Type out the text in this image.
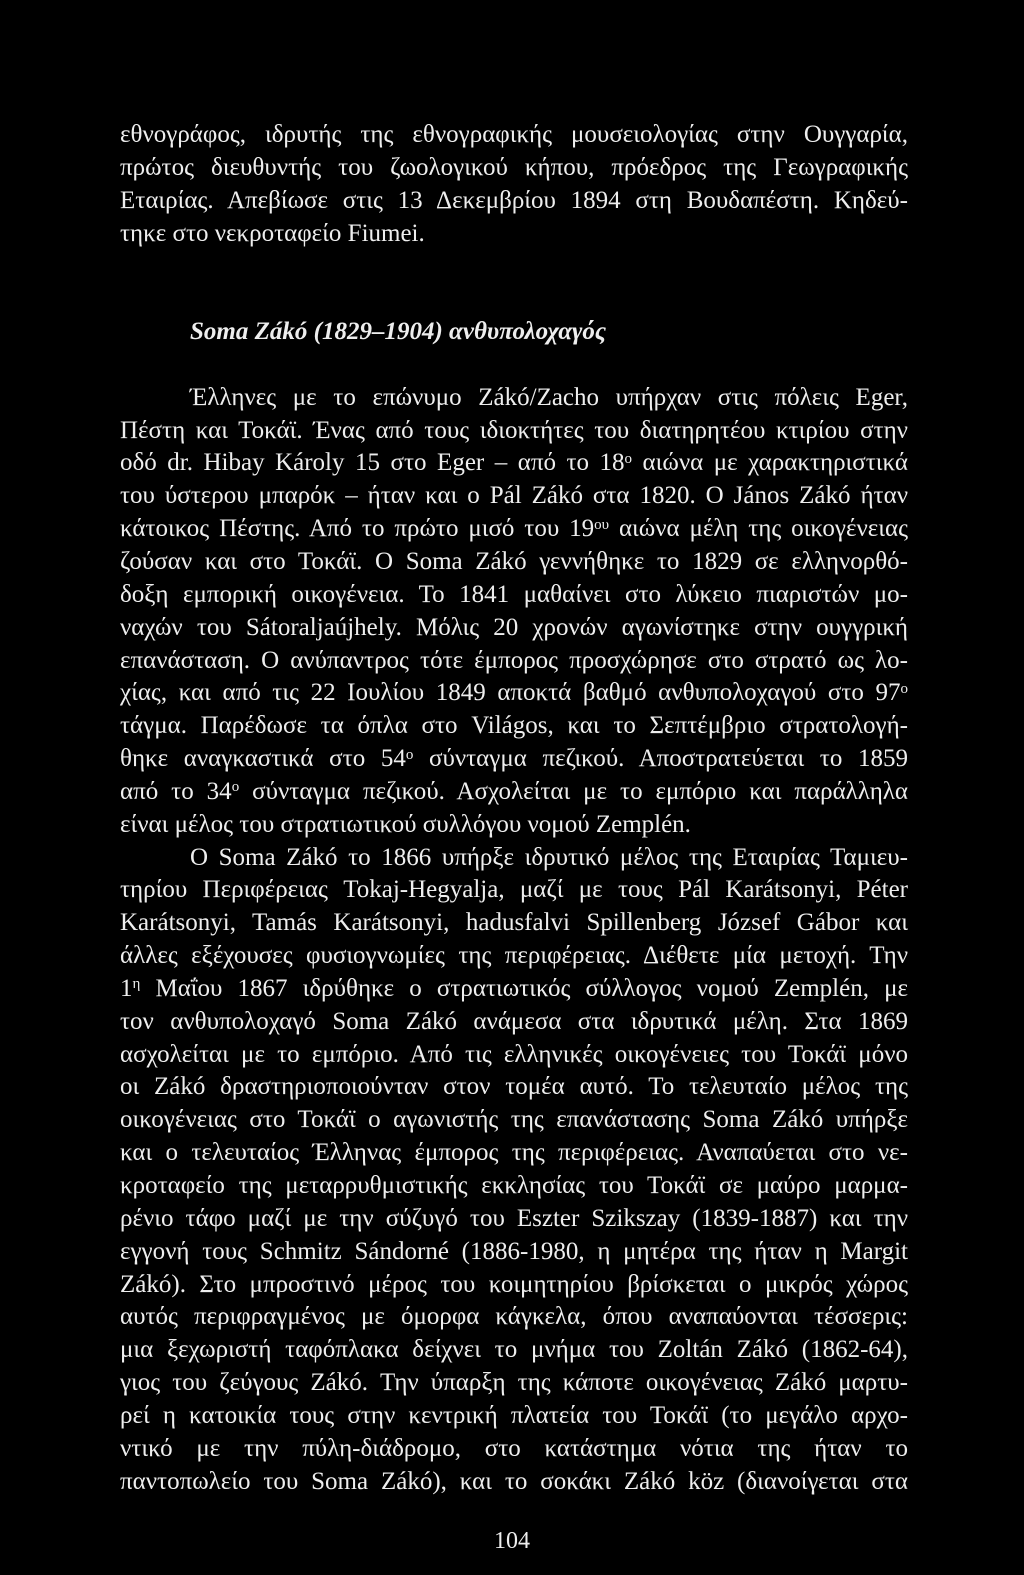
εθνογράφος, ιδρυτής της εθνογραφικής μουσειολογίας στην Ουγγαρία,
πρώτος διευθυντής του ζωολογικού κήπου, πρόεδρος της Γεωγραφικής
Εταιρίας. Απεβίωσε στις 13 Δεκεμβρίου 1894 στη Βουδαπέστη. Κηδεύ-
τηκε στο νεκροταφείο Fiumei.
Soma Zákó (1829–1904) ανθυπολοχαγός
Έλληνες με το επώνυμο Zákó/Zacho υπήρχαν στις πόλεις Eger,
Πέστη και Τοκάϊ. Ένας από τους ιδιοκτήτες του διατηρητέου κτιρίου στην
οδό dr. Hibay Károly 15 στο Eger – από το $18^o$ αιώνα με χαρακτηριστικά
του ύστερου μπαρόκ – ήταν και ο Pál Zákó στα 1820. Ο János Zákó ήταν
κάτοικος Πέστης. Από το πρώτο μισό του $19^{o\upsilon}$ αιώνα μέλη της οικογένειας
ζούσαν και στο Τοκάϊ. Ο Soma Zákó γεννήθηκε το 1829 σε ελληνορθό-
δοξη εμπορική οικογένεια. Το 1841 μαθαίνει στο λύκειο πιαριστών μο-
ναχών του Sátoraljaújhely. Μόλις 20 χρονών αγωνίστηκε στην ουγγρική
επανάσταση. Ο ανύπαντρος τότε έμπορος προσχώρησε στο στρατό ως λο-
χίας, και από τις 22 Ιουλίου 1849 αποκτά βαθμό ανθυπολοχαγού στο $97^o$
τάγμα. Παρέδωσε τα όπλα στο Világos, και το Σεπτέμβριο στρατολογή-
θηκε αναγκαστικά στο $54^o$ σύνταγμα πεζικού. Αποστρατεύεται το 1859
από το $34^o$ σύνταγμα πεζικού. Ασχολείται με το εμπόριο και παράλληλα
είναι μέλος του στρατιωτικού συλλόγου νομού Zemplén.
Ο Soma Zákó το 1866 υπήρξε ιδρυτικό μέλος της Εταιρίας Ταμιευ-
τηρίου Περιφέρειας Tokaj-Hegyalja, μαζί με τους Pál Karátsonyi, Péter
Karátsonyi, Tamás Karátsonyi, hadusfalvi Spillenberg József Gábor και
άλλες εξέχουσες φυσιογνωμίες της περιφέρειας. Διέθετε μία μετοχή. Την
$1^\eta$ Μαΐου 1867 ιδρύθηκε ο στρατιωτικός σύλλογος νομού Zemplén, με
τον ανθυπολοχαγό Soma Zákó ανάμεσα στα ιδρυτικά μέλη. Στα 1869
ασχολείται με το εμπόριο. Από τις ελληνικές οικογένειες του Τοκάϊ μόνο
οι Zákó δραστηριοποιούνταν στον τομέα αυτό. Το τελευταίο μέλος της
οικογένειας στο Τοκάϊ ο αγωνιστής της επανάστασης Soma Zákó υπήρξε
και ο τελευταίος Έλληνας έμπορος της περιφέρειας. Αναπαύεται στο νε-
κροταφείο της μεταρρυθμιστικής εκκλησίας του Τοκάϊ σε μαύρο μαρμα-
ρένιο τάφο μαζί με την σύζυγό του Eszter Szikszay (1839-1887) και την
εγγονή τους Schmitz Sándorné (1886-1980, η μητέρα της ήταν η Margit
Zákó). Στο μπροστινό μέρος του κοιμητηρίου βρίσκεται ο μικρός χώρος
αυτός περιφραγμένος με όμορφα κάγκελα, όπου αναπαύονται τέσσερις:
μια ξεχωριστή ταφόπλακα δείχνει το μνήμα του Zoltán Zákó (1862-64),
γιος του ζεύγους Zákó. Την ύπαρξη της κάποτε οικογένειας Zákó μαρτυ-
ρεί η κατοικία τους στην κεντρική πλατεία του Τοκάϊ (το μεγάλο αρχο-
ντικό με την πύλη-διάδρομο, στο κατάστημα νότια της ήταν το
παντοπωλείο του Soma Zákó), και το σοκάκι Zákó köz (διανοίγεται στα
104
